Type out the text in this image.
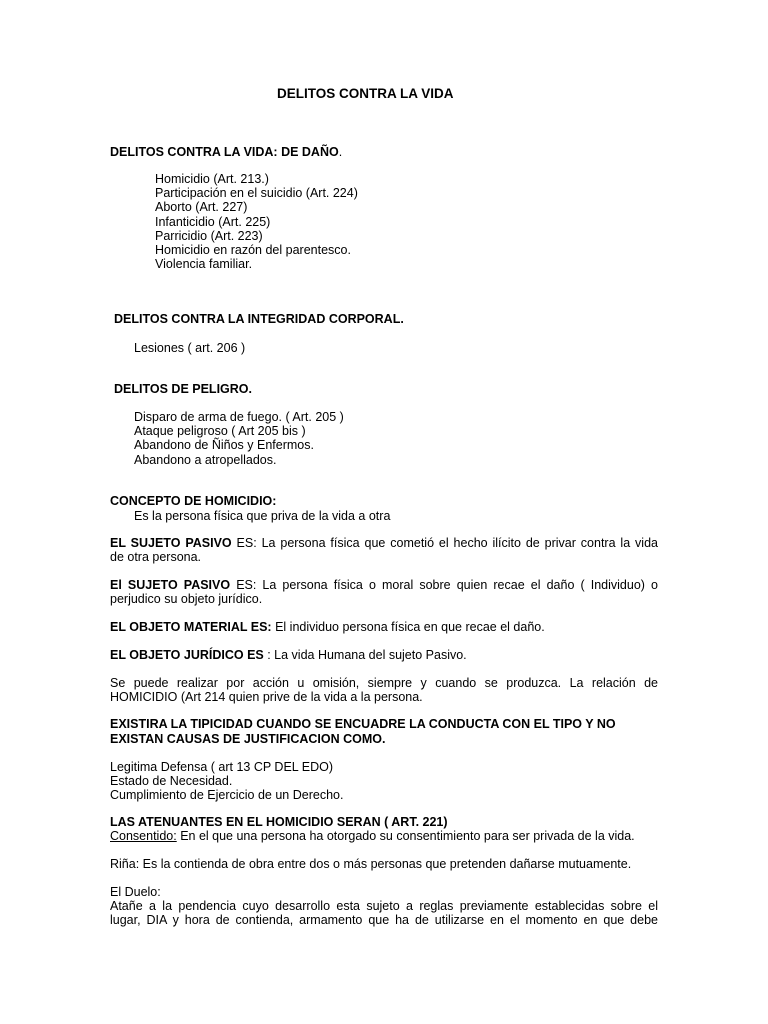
DELITOS CONTRA LA VIDA
DELITOS CONTRA LA VIDA: DE DAÑO.
Homicidio (Art. 213.)
Participación en el suicidio (Art. 224)
Aborto (Art. 227)
Infanticidio (Art. 225)
Parricidio (Art. 223)
Homicidio en razón del parentesco.
Violencia familiar.
DELITOS CONTRA LA INTEGRIDAD CORPORAL.
Lesiones ( art. 206 )
DELITOS DE PELIGRO.
Disparo de arma de fuego. ( Art. 205 )
Ataque peligroso ( Art 205 bis )
Abandono de Ñiños y Enfermos.
Abandono a atropellados.
CONCEPTO DE HOMICIDIO:
Es la persona física que priva de la vida a otra
EL SUJETO PASIVO ES: La persona física que cometió el hecho ilícito de privar contra la vida
de otra persona.
El SUJETO PASIVO ES: La persona física o moral sobre quien recae el daño ( Individuo) o
perjudico su objeto jurídico.
EL OBJETO MATERIAL ES: El individuo persona física en que recae el daño.
EL OBJETO JURÍDICO ES : La vida Humana del sujeto Pasivo.
Se puede realizar por acción u omisión, siempre y cuando se produzca. La relación de
HOMICIDIO (Art 214 quien prive de la vida a la persona.
EXISTIRA LA TIPICIDAD CUANDO SE ENCUADRE LA CONDUCTA CON EL TIPO Y NO
EXISTAN CAUSAS DE JUSTIFICACION COMO.
Legitima Defensa ( art 13 CP DEL EDO)
Estado de Necesidad.
Cumplimiento de Ejercicio de un Derecho.
LAS ATENUANTES EN EL HOMICIDIO SERAN ( ART. 221)
Consentido: En el que una persona ha otorgado su consentimiento para ser privada de la vida.
Riña: Es la contienda de obra entre dos o más personas que pretenden dañarse mutuamente.
El Duelo:
Atañe a la pendencia cuyo desarrollo esta sujeto a reglas previamente establecidas sobre el
lugar, DIA y hora de contienda, armamento que ha de utilizarse en el momento en que debe
